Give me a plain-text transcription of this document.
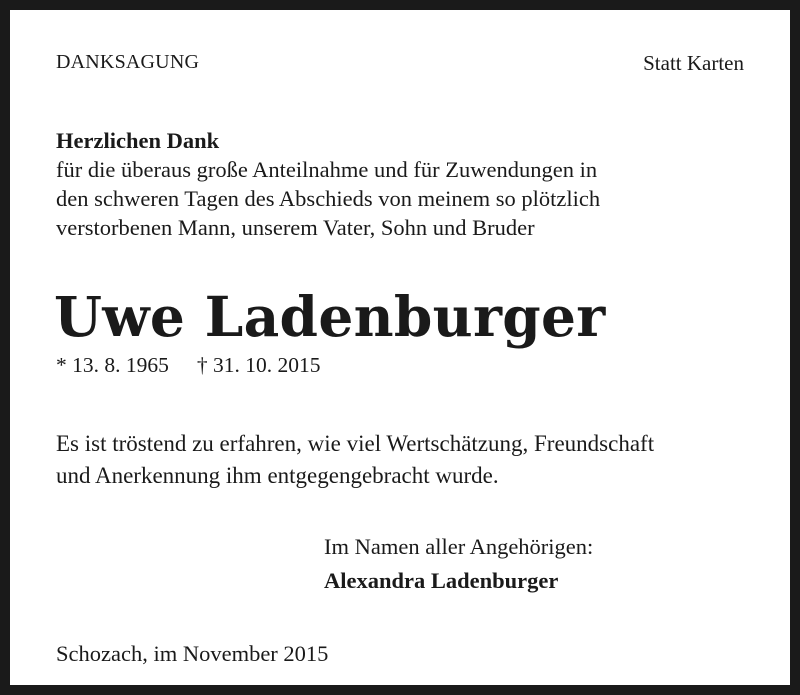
DANKSAGUNG	Statt Karten
Herzlichen Dank
für die überaus große Anteilnahme und für Zuwendungen in
den schweren Tagen des Abschieds von meinem so plötzlich
verstorbenen Mann, unserem Vater, Sohn und Bruder
Uwe Ladenburger
* 13. 8. 1965 † 31. 10. 2015
Es ist tröstend zu erfahren, wie viel Wertschätzung, Freundschaft
und Anerkennung ihm entgegengebracht wurde.
Im Namen aller Angehörigen:
Alexandra Ladenburger
Schozach, im November 2015
